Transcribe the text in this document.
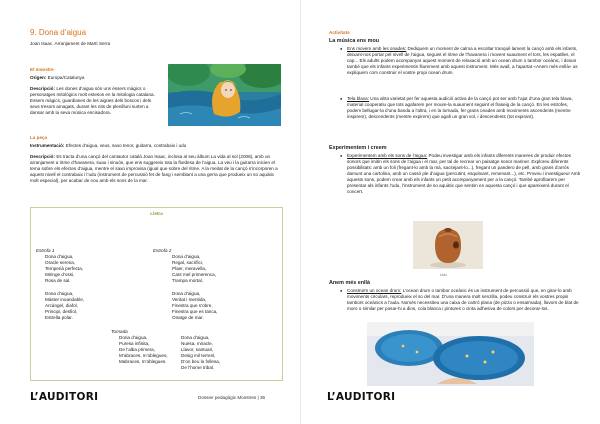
9. Dona d’aigua
Joan Isaac. Arranjament de Martí Serra
El monstre
Origen: Europa/Catalunya
Descripció: Les dones d’aigua són uns éssers màgics o personatges mitològics molt estesos en la mitologia catalana. Essers màgics, guardianes de les aigües dels boscos i dels seus tresors amagats, durant les nits de plenilluni surten a dansar amb la seva música encisadora.
La peça
Instrumentació: Efectes d’aigua, veus, saxo tenor, guitarra, contrabaix i udu
Descripció: Es tracta d’una cançó del cantautor català Joan Isaac, inclosa al seu àlbum La vida al sol (2008), amb un arranjament a ritme d’havanera, suau i sinuós, que ens suggereix tota la fluïdesa de l’aigua. La veu i la guitarra inicien el tema sobre els efectes d’aigua, mentre el saxo improvisa (igual que sobre del ritme. A la meitat de la cançó s’incorporen a aquest nivell el contrabaix i l’udu (instrument de percussió fet de fang i semblant a una gerra que produeix un so aquàtic molt especial), per acabar de nou amb els sons de la mar.
Lletra
Estrofa 1
Dona d’aigua,
Oracle serena,
Temperià perfecta,
Miringe d’ossi,
Rosa de sal.
Dona d’aigua,
Màster inoandable,
Arcàngel, diafol,
Principi, desfiol,
Estrella polar.
Estrofa 2
Dona d’aigua,
Regal, sacrifici,
Plaer, meravella,
Cant mel primerenca,
Trampa mortal,
Dona d’aigua,
Veritat i mentida,
Finestra que s’obre,
Finestra que es tanca,
Onatge de mar.
Tornada
Dona d’aigua,
Puresa infinita,
De l’alba primera,
M’abraces, m’oblegues,
Mabraces, m’oblegues.
Dona d’aigua,
Nuesa, miracle,
Llavor, santuari,
Desig mil terrenl,
D’on beu la follesa,
De l’home tribal.
L’AUDITORI	Dossier pedagògic Monstres | 36
Activitats
La música ens mou
● Ens movem amb les onades: Dediquem un moment de calma a escoltar tranquil·lament la cançó amb els infants, deixant-nos portar pel nivell de l’aigua, seguint el ritme de l’havanera i movent suaument el tors, les espatlles, el cap... Els adults podem acompanyar aquest moment de relaxació amb un ocean drum o tambor oceànic, i deixar també que els infants experimentin lliurement amb aquest instrument. Més avall, a l’apartat «Anem més enllà» us expliquem com construir el vostre propi ocean drum.
● Tela blava: Una altra varietat per fer aquesta audició activa de la cançó pot ser amb l’ajut d’una gran tela blava, material cooperatiu que tots agafarem per moure-la suaument seguint el fraseig de la cançó. En les estrofes, podem bellugar-la d’una banda a l’altra, i en la tornada, fer grans onades amb moviments ascendents (mentre inspirem), descendents (mentre expirem) que agafi un gran vol, i descendents (tot expirant).
Experimentem i creem
● Experimentem amb els sons de l’aigua: Podeu investigar amb els infants diferents maneres de produir efectes sonors que imitin els sons de l’aigua i el mar, per tal de recrear un paisatge sonor mariner. Exploreu diferents possibilitats: amb un foli (fregant-lo amb la mà, sacsejant-lo...), fregant un pandero de pell, amb grans d’arròs damunt una cartolina, amb un cassó ple d’aigua (percutint, esquitxant, remenant...), etc. Proveu i investigueu! Amb aquests sons, podem crear amb els infants un petit acompanyament per a la cançó. També aprofitarem per presentar als infants l’udu, l’instrument de so aquàtic que sentim en aquesta cançó i que apareixerà durant el concert.
Udu
Anem més enllà
● Construïm un ocean drum: L’ocean drum o tambor oceànic és un instrument de percussió que, en girar-lo amb moviments circulars, reprodueix el so del mar. D’una manera molt senzilla, podeu construir els vostres propis tambors oceànics a l’aula. Només necessiteu una caixa de cartró plana (de pizza o ensaïmada), llavors de blat de moro o similar per posar-hi a dins, cola blanca i pintures o cinta adhesiva de colors per decorar-los.
L’AUDITORI
